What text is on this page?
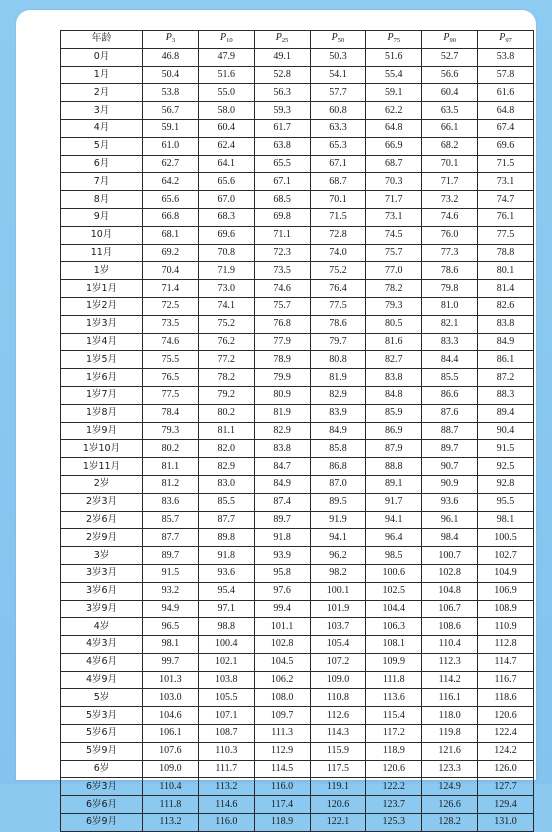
年龄	$P_3$	$P_{10}$	$P_{25}$	$P_{50}$	$P_{75}$	$P_{90}$	$P_{97}$
0月	46.8	47.9	49.1	50.3	51.6	52.7	53.8
1月	50.4	51.6	52.8	54.1	55.4	56.6	57.8
2月	53.8	55.0	56.3	57.7	59.1	60.4	61.6
3月	56.7	58.0	59.3	60.8	62.2	63.5	64.8
4月	59.1	60.4	61.7	63.3	64.8	66.1	67.4
5月	61.0	62.4	63.8	65.3	66.9	68.2	69.6
6月	62.7	64.1	65.5	67.1	68.7	70.1	71.5
7月	64.2	65.6	67.1	68.7	70.3	71.7	73.1
8月	65.6	67.0	68.5	70.1	71.7	73.2	74.7
9月	66.8	68.3	69.8	71.5	73.1	74.6	76.1
10月	68.1	69.6	71.1	72.8	74.5	76.0	77.5
11月	69.2	70.8	72.3	74.0	75.7	77.3	78.8
1岁	70.4	71.9	73.5	75.2	77.0	78.6	80.1
1岁1月	71.4	73.0	74.6	76.4	78.2	79.8	81.4
1岁2月	72.5	74.1	75.7	77.5	79.3	81.0	82.6
1岁3月	73.5	75.2	76.8	78.6	80.5	82.1	83.8
1岁4月	74.6	76.2	77.9	79.7	81.6	83.3	84.9
1岁5月	75.5	77.2	78.9	80.8	82.7	84.4	86.1
1岁6月	76.5	78.2	79.9	81.9	83.8	85.5	87.2
1岁7月	77.5	79.2	80.9	82.9	84.8	86.6	88.3
1岁8月	78.4	80.2	81.9	83.9	85.9	87.6	89.4
1岁9月	79.3	81.1	82.9	84.9	86.9	88.7	90.4
1岁10月	80.2	82.0	83.8	85.8	87.9	89.7	91.5
1岁11月	81.1	82.9	84.7	86.8	88.8	90.7	92.5
2岁	81.2	83.0	84.9	87.0	89.1	90.9	92.8
2岁3月	83.6	85.5	87.4	89.5	91.7	93.6	95.5
2岁6月	85.7	87.7	89.7	91.9	94.1	96.1	98.1
2岁9月	87.7	89.8	91.8	94.1	96.4	98.4	100.5
3岁	89.7	91.8	93.9	96.2	98.5	100.7	102.7
3岁3月	91.5	93.6	95.8	98.2	100.6	102.8	104.9
3岁6月	93.2	95.4	97.6	100.1	102.5	104.8	106.9
3岁9月	94.9	97.1	99.4	101.9	104.4	106.7	108.9
4岁	96.5	98.8	101.1	103.7	106.3	108.6	110.9
4岁3月	98.1	100.4	102.8	105.4	108.1	110.4	112.8
4岁6月	99.7	102.1	104.5	107.2	109.9	112.3	114.7
4岁9月	101.3	103.8	106.2	109.0	111.8	114.2	116.7
5岁	103.0	105.5	108.0	110.8	113.6	116.1	118.6
5岁3月	104.6	107.1	109.7	112.6	115.4	118.0	120.6
5岁6月	106.1	108.7	111.3	114.3	117.2	119.8	122.4
5岁9月	107.6	110.3	112.9	115.9	118.9	121.6	124.2
6岁	109.0	111.7	114.5	117.5	120.6	123.3	126.0
6岁3月	110.4	113.2	116.0	119.1	122.2	124.9	127.7
6岁6月	111.8	114.6	117.4	120.6	123.7	126.6	129.4
6岁9月	113.2	116.0	118.9	122.1	125.3	128.2	131.0
